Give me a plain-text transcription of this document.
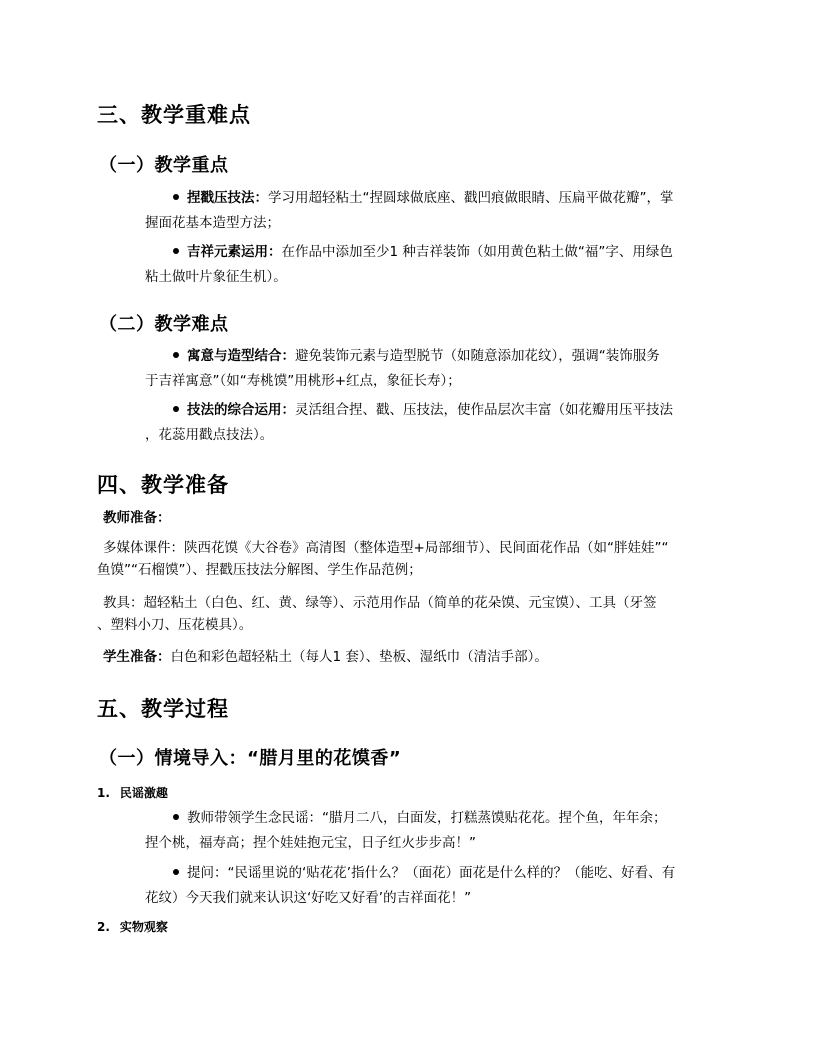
三、教学重难点
（一）教学重点
捏戳压技法：学习用超轻粘土“捏圆球做底座、戳凹痕做眼睛、压扁平做花瓣”，掌
握面花基本造型方法；
吉祥元素运用：在作品中添加至少1 种吉祥装饰（如用黄色粘土做“福”字、用绿色
粘土做叶片象征生机）。
（二）教学难点
寓意与造型结合：避免装饰元素与造型脱节（如随意添加花纹），强调“装饰服务
于吉祥寓意”（如“寿桃馍”用桃形+红点，象征长寿）；
技法的综合运用：灵活组合捏、戳、压技法，使作品层次丰富（如花瓣用压平技法
，花蕊用戳点技法）。
四、教学准备
教师准备：
多媒体课件：陕西花馍《大谷卷》高清图（整体造型+局部细节）、民间面花作品（如“胖娃娃”“
鱼馍”“石榴馍”）、捏戳压技法分解图、学生作品范例；
教具：超轻粘土（白色、红、黄、绿等）、示范用作品（简单的花朵馍、元宝馍）、工具（牙签
、塑料小刀、压花模具）。
学生准备：白色和彩色超轻粘土（每人1 套）、垫板、湿纸巾（清洁手部）。
五、教学过程
（一）情境导入：“腊月里的花馍香”
1. 民谣激趣
教师带领学生念民谣：“腊月二八，白面发，打糕蒸馍贴花花。捏个鱼，年年余；
捏个桃，福寿高；捏个娃娃抱元宝，日子红火步步高！”
提问：“民谣里说的‘贴花花’指什么？（面花）面花是什么样的？（能吃、好看、有
花纹）今天我们就来认识这‘好吃又好看’的吉祥面花！”
2. 实物观察
